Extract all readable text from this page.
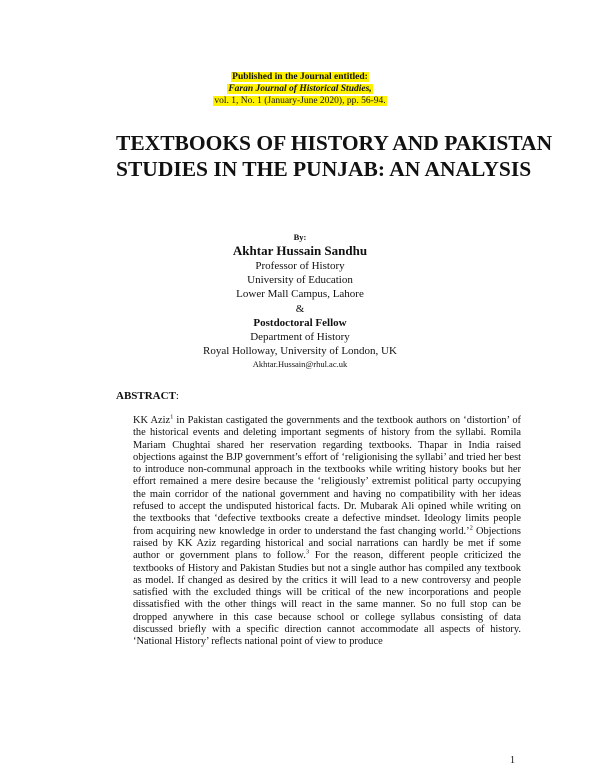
Published in the Journal entitled:
Faran Journal of Historical Studies,
vol. 1, No. 1 (January-June 2020), pp. 56-94.
TEXTBOOKS OF HISTORY AND PAKISTAN STUDIES IN THE PUNJAB: AN ANALYSIS
By:
Akhtar Hussain Sandhu
Professor of History
University of Education
Lower Mall Campus, Lahore
&
Postdoctoral Fellow
Department of History
Royal Holloway, University of London, UK
Akhtar.Hussain@rhul.ac.uk
ABSTRACT:

KK Aziz$^1$ in Pakistan castigated the governments and the textbook authors on ‘distortion’ of the historical events and deleting important segments of history from the syllabi. Romila Mariam Chughtai shared her reservation regarding textbooks. Thapar in India raised objections against the BJP government’s effort of ‘religionising the syllabi’ and tried her best to introduce non-communal approach in the textbooks while writing history books but her effort remained a mere desire because the ‘religiously’ extremist political party occupying the main corridor of the national government and having no compatibility with her ideas refused to accept the undisputed historical facts. Dr. Mubarak Ali opined while writing on the textbooks that ‘defective textbooks create a defective mindset. Ideology limits people from acquiring new knowledge in order to understand the fast changing world.’$^2$ Objections raised by KK Aziz regarding historical and social narrations can hardly be met if some author or government plans to follow.$^3$ For the reason, different people criticized the textbooks of History and Pakistan Studies but not a single author has compiled any textbook as model. If changed as desired by the critics it will lead to a new controversy and people satisfied with the excluded things will be critical of the new incorporations and people dissatisfied with the other things will react in the same manner. So no full stop can be dropped anywhere in this case because school or college syllabus consisting of data discussed briefly with a specific direction cannot accommodate all aspects of history. ‘National History’ reflects national point of view to produce

1
